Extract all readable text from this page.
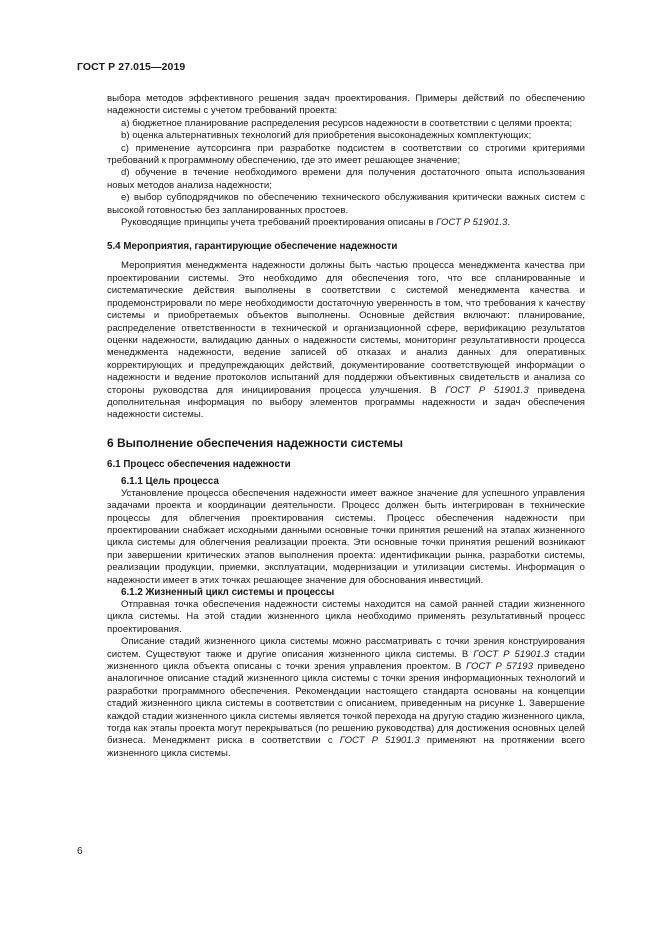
ГОСТ Р 27.015—2019

выбора методов эффективного решения задач проектирования. Примеры действий по обеспечению надежности системы с учетом требований проекта:

а) бюджетное планирование распределения ресурсов надежности в соответствии с целями проекта;

b) оценка альтернативных технологий для приобретения высоконадежных комплектующих;

c) применение аутсорсинга при разработке подсистем в соответствии со строгими критериями требований к программному обеспечению, где это имеет решающее значение;

d) обучение в течение необходимого времени для получения достаточного опыта использования новых методов анализа надежности;

e) выбор субподрядчиков по обеспечению технического обслуживания критически важных систем с высокой готовностью без запланированных простоев.

Руководящие принципы учета требований проектирования описаны в ГОСТ Р 51901.3.

5.4 Мероприятия, гарантирующие обеспечение надежности

Мероприятия менеджмента надежности должны быть частью процесса менеджмента качества при проектировании системы. Это необходимо для обеспечения того, что все спланированные и систематические действия выполнены в соответствии с системой менеджмента качества и продемонстрировали по мере необходимости достаточную уверенность в том, что требования к качеству системы и приобретаемых объектов выполнены. Основные действия включают: планирование, распределение ответственности в технической и организационной сфере, верификацию результатов оценки надежности, валидацию данных о надежности системы, мониторинг результативности процесса менеджмента надежности, ведение записей об отказах и анализ данных для оперативных корректирующих и предупреждающих действий, документирование соответствующей информации о надежности и ведение протоколов испытаний для поддержки объективных свидетельств и анализа со стороны руководства для инициирования процесса улучшения. В ГОСТ Р 51901.3 приведена дополнительная информация по выбору элементов программы надежности и задач обеспечения надежности системы.

6 Выполнение обеспечения надежности системы
6.1 Процесс обеспечения надежности
6.1.1 Цель процесса

Установление процесса обеспечения надежности имеет важное значение для успешного управления задачами проекта и координации деятельности. Процесс должен быть интегрирован в технические процессы для облегчения проектирования системы. Процесс обеспечения надежности при проектировании снабжает исходными данными основные точки принятия решений на этапах жизненного цикла системы для облегчения реализации проекта. Эти основные точки принятия решений возникают при завершении критических этапов выполнения проекта: идентификации рынка, разработки системы, реализации продукции, приемки, эксплуатации, модернизации и утилизации системы. Информация о надежности имеет в этих точках решающее значение для обоснования инвестиций.

6.1.2 Жизненный цикл системы и процессы

Отправная точка обеспечения надежности системы находится на самой ранней стадии жизненного цикла системы. На этой стадии жизненного цикла необходимо применять результативный процесс проектирования.

Описание стадий жизненного цикла системы можно рассматривать с точки зрения конструирования систем. Существуют также и другие описания жизненного цикла системы. В ГОСТ Р 51901.3 стадии жизненного цикла объекта описаны с точки зрения управления проектом. В ГОСТ Р 57193 приведено аналогичное описание стадий жизненного цикла системы с точки зрения информационных технологий и разработки программного обеспечения. Рекомендации настоящего стандарта основаны на концепции стадий жизненного цикла системы в соответствии с описанием, приведенным на рисунке 1. Завершение каждой стадии жизненного цикла системы является точкой перехода на другую стадию жизненного цикла, тогда как этапы проекта могут перекрываться (по решению руководства) для достижения основных целей бизнеса. Менеджмент риска в соответствии с ГОСТ Р 51901.3 применяют на протяжении всего жизненного цикла системы.

6
